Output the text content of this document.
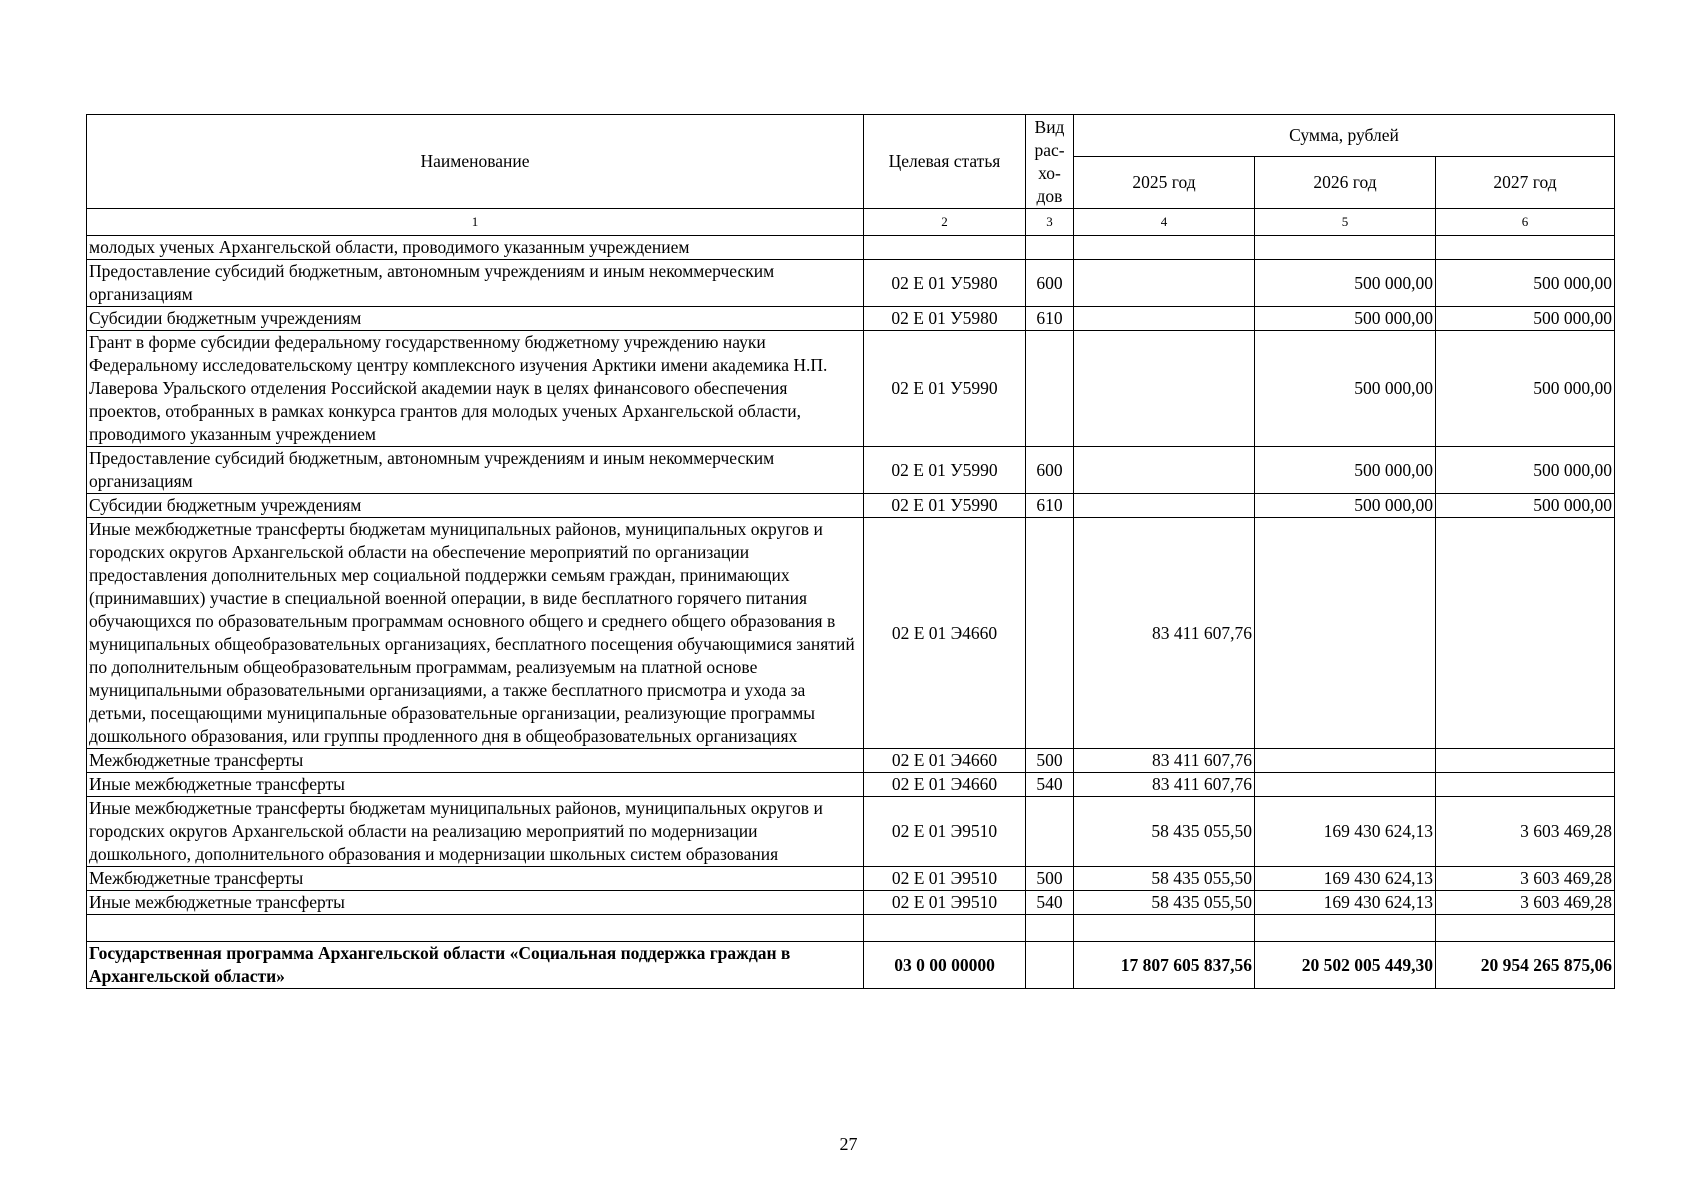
Наименование	Целевая статья	Вид рас- хо- дов	Сумма, рублей		
			2025 год	2026 год	2027 год
1	2	3	4	5	6
молодых ученых Архангельской области, проводимого указанным учреждением					
Предоставление субсидий бюджетным, автономным учреждениям и иным некоммерческим организациям	02 Е 01 У5980	600		500 000,00	500 000,00
Субсидии бюджетным учреждениям	02 Е 01 У5980	610		500 000,00	500 000,00
Грант в форме субсидии федеральному государственному бюджетному учреждению науки Федеральному исследовательскому центру комплексного изучения Арктики имени академика Н.П. Лаверова Уральского отделения Российской академии наук в целях финансового обеспечения проектов, отобранных в рамках конкурса грантов для молодых ученых Архангельской области, проводимого указанным учреждением	02 Е 01 У5990			500 000,00	500 000,00
Предоставление субсидий бюджетным, автономным учреждениям и иным некоммерческим организациям	02 Е 01 У5990	600		500 000,00	500 000,00
Субсидии бюджетным учреждениям	02 Е 01 У5990	610		500 000,00	500 000,00
Иные межбюджетные трансферты бюджетам муниципальных районов, муниципальных округов и городских округов Архангельской области на обеспечение мероприятий по организации предоставления дополнительных мер социальной поддержки семьям граждан, принимающих (принимавших) участие в специальной военной операции, в виде бесплатного горячего питания обучающихся по образовательным программам основного общего и среднего общего образования в муниципальных общеобразовательных организациях, бесплатного посещения обучающимися занятий по дополнительным общеобразовательным программам, реализуемым на платной основе муниципальными образовательными организациями, а также бесплатного присмотра и ухода за детьми, посещающими муниципальные образовательные организации, реализующие программы дошкольного образования, или группы продленного дня в общеобразовательных организациях	02 Е 01 Э4660		83 411 607,76		
Межбюджетные трансферты	02 Е 01 Э4660	500	83 411 607,76		
Иные межбюджетные трансферты	02 Е 01 Э4660	540	83 411 607,76		
Иные межбюджетные трансферты бюджетам муниципальных районов, муниципальных округов и городских округов Архангельской области на реализацию мероприятий по модернизации дошкольного, дополнительного образования и модернизации школьных систем образования	02 Е 01 Э9510		58 435 055,50	169 430 624,13	3 603 469,28
Межбюджетные трансферты	02 Е 01 Э9510	500	58 435 055,50	169 430 624,13	3 603 469,28
Иные межбюджетные трансферты	02 Е 01 Э9510	540	58 435 055,50	169 430 624,13	3 603 469,28

Государственная программа Архангельской области «Социальная поддержка граждан в Архангельской области»	03 0 00 00000		17 807 605 837,56	20 502 005 449,30	20 954 265 875,06
27
